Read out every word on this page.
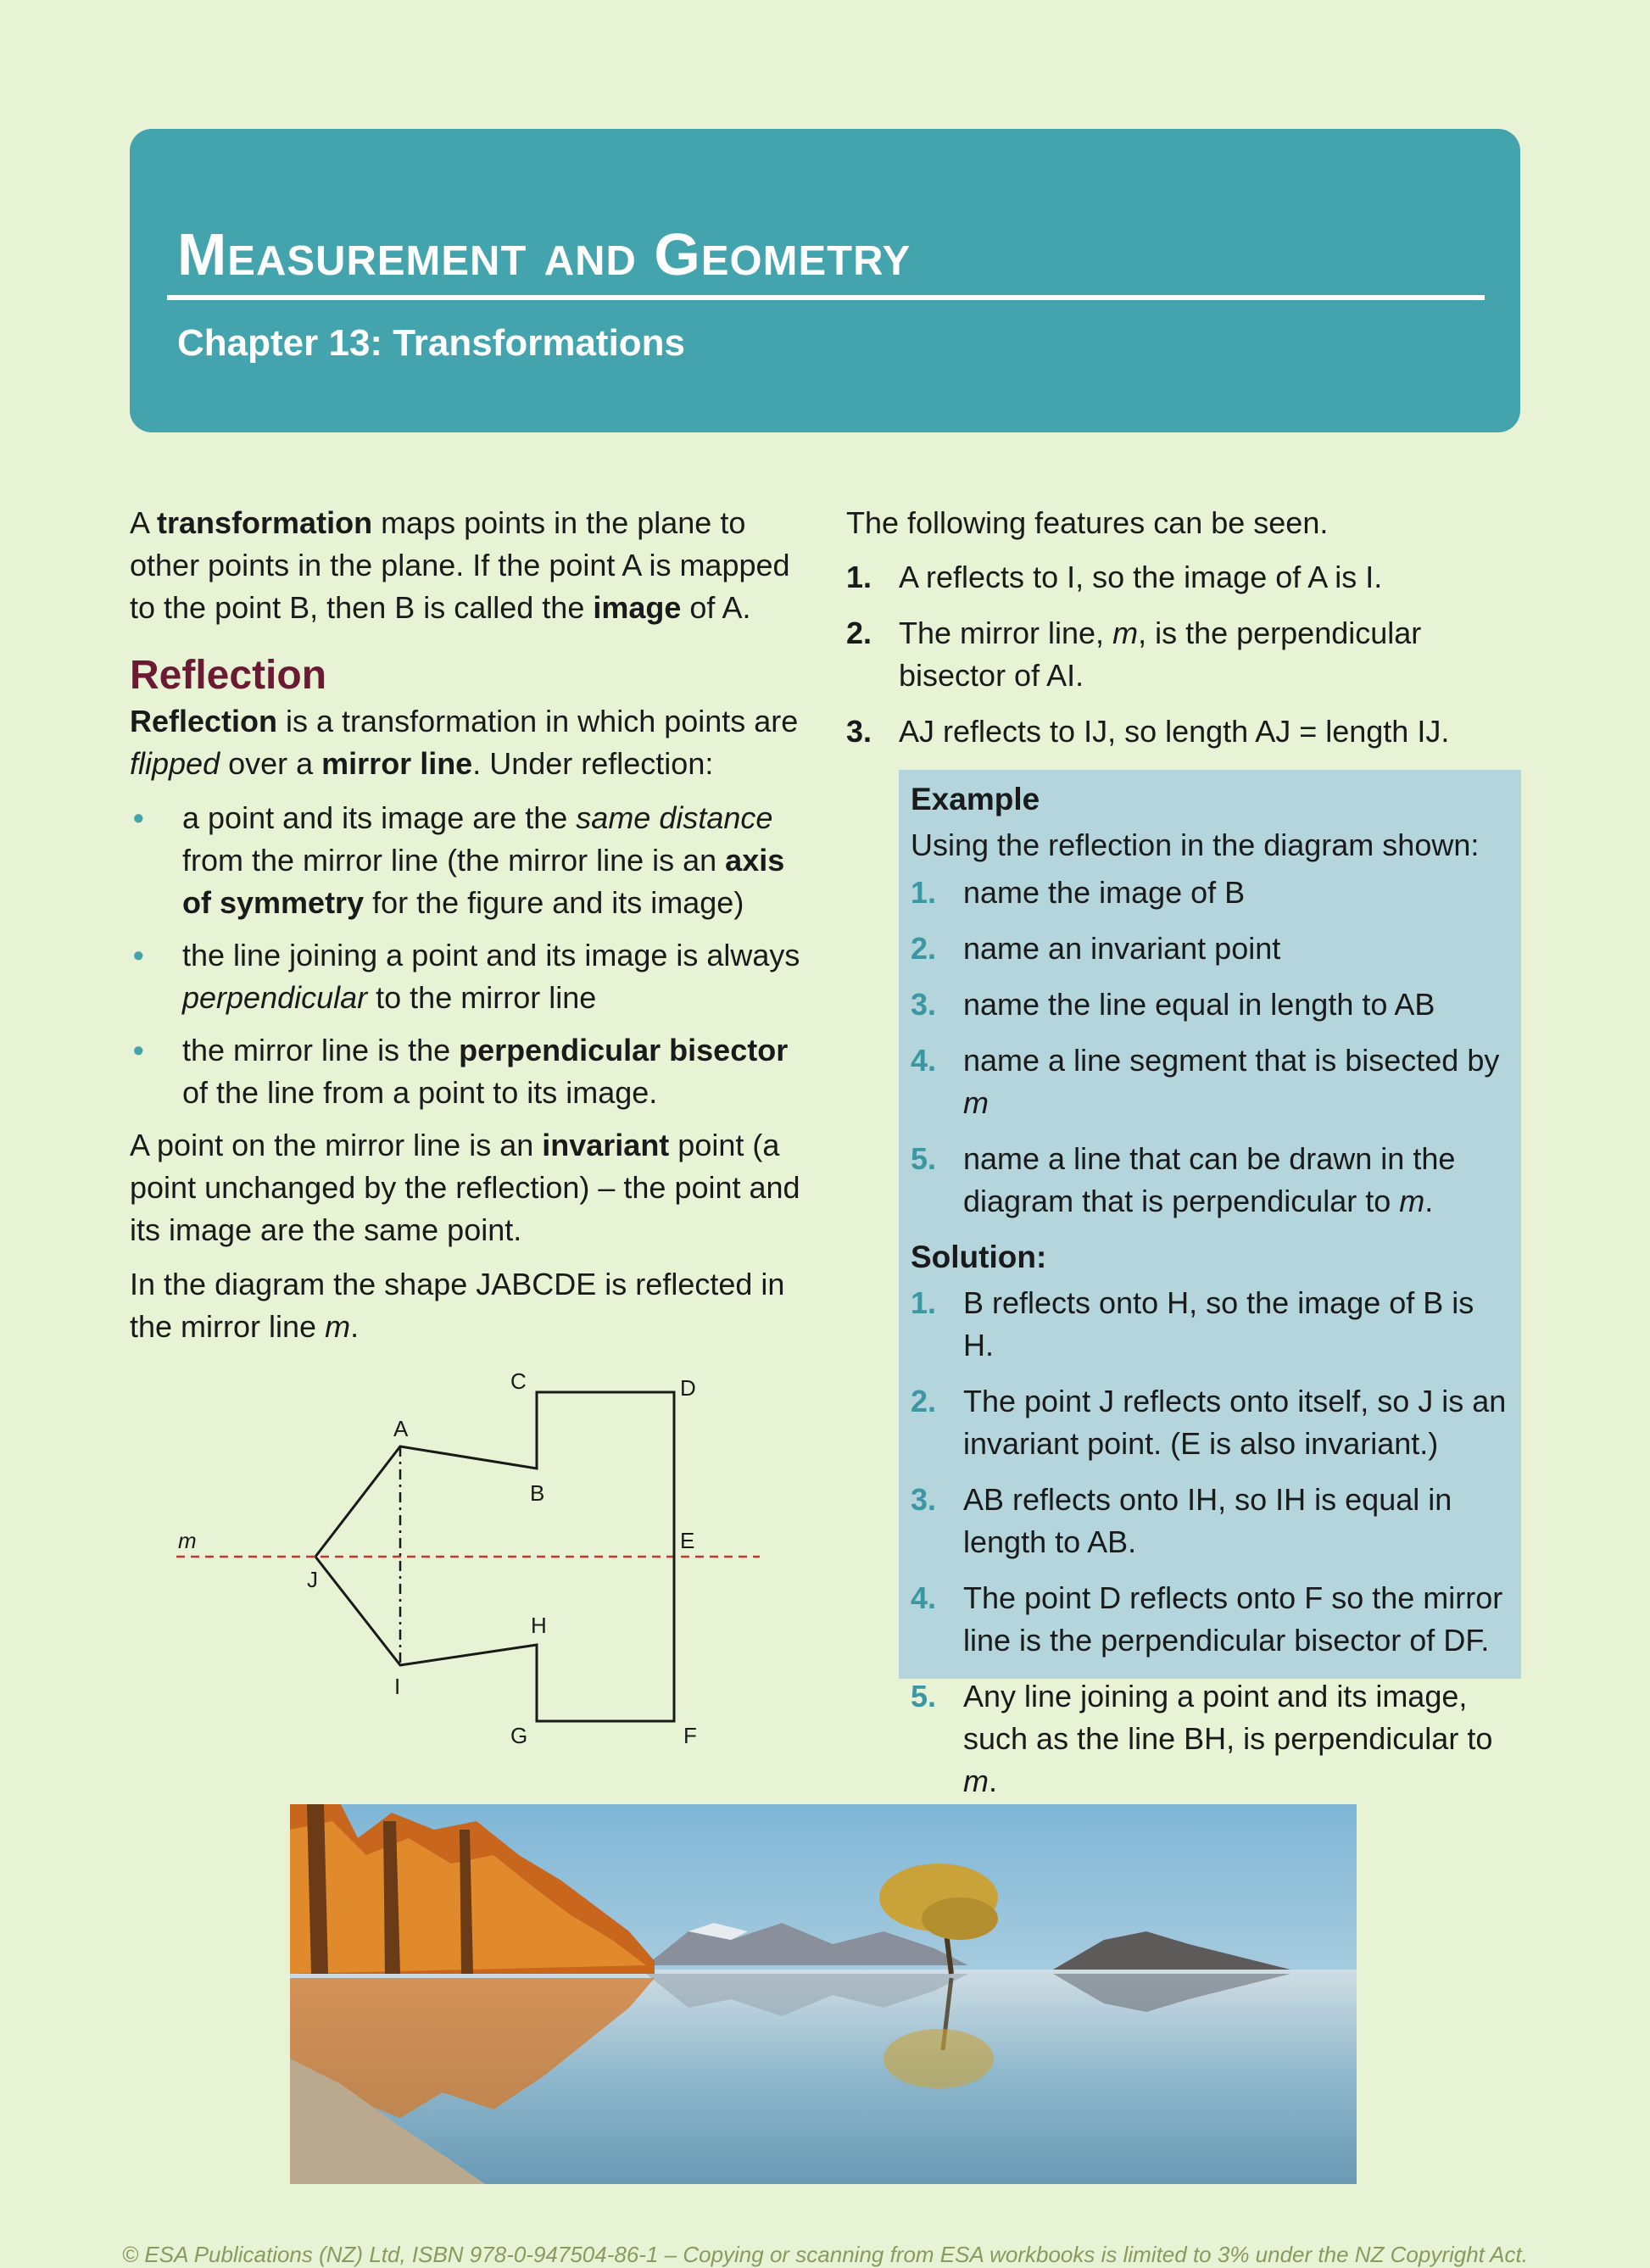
Measurement and Geometry
Chapter 13: Transformations

A transformation maps points in the plane to other points in the plane. If the point A is mapped to the point B, then B is called the image of A.

Reflection

Reflection is a transformation in which points are flipped over a mirror line. Under reflection:

• a point and its image are the same distance from the mirror line (the mirror line is an axis of symmetry for the figure and its image)
• the line joining a point and its image is always perpendicular to the mirror line
• the mirror line is the perpendicular bisector of the line from a point to its image.

A point on the mirror line is an invariant point (a point unchanged by the reflection) – the point and its image are the same point.

In the diagram the shape JABCDE is reflected in the mirror line m.

m
A
B
C	D
E
F
G
H
I
J

The following features can be seen.

1. A reflects to I, so the image of A is I.
2. The mirror line, m, is the perpendicular bisector of AI.
3. AJ reflects to IJ, so length AJ = length IJ.
Example

Using the reflection in the diagram shown:

1. name the image of B
2. name an invariant point
3. name the line equal in length to AB
4. name a line segment that is bisected by m
5. name a line that can be drawn in the diagram that is perpendicular to m.
Solution:
1. B reflects onto H, so the image of B is H.
2. The point J reflects onto itself, so J is an invariant point. (E is also invariant.)
3. AB reflects onto IH, so IH is equal in length to AB.
4. The point D reflects onto F so the mirror line is the perpendicular bisector of DF.
5. Any line joining a point and its image, such as the line BH, is perpendicular to m.
© ESA Publications (NZ) Ltd, ISBN 978-0-947504-86-1 – Copying or scanning from ESA workbooks is limited to 3% under the NZ Copyright Act.
